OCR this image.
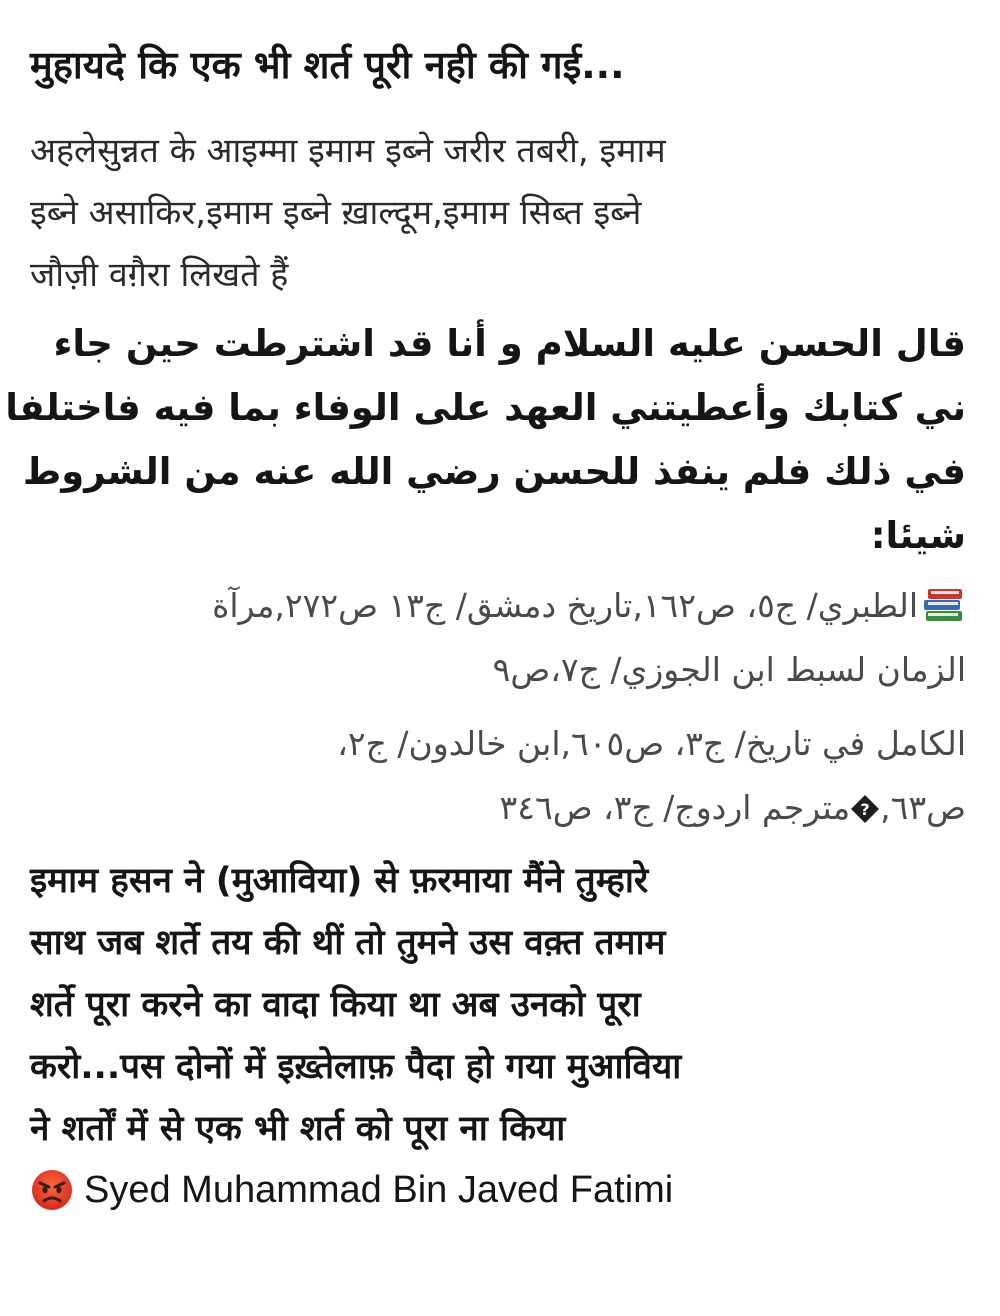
मुहायदे कि एक भी शर्त पूरी नही की गई...
अहलेसुन्नत के आइम्मा इमाम इब्ने जरीर तबरी, इमाम
इब्ने असाकिर,इमाम इब्ने ख़ाल्दूम,इमाम सिब्त इब्ने
जौज़ी वग़ैरा लिखते हैं
قال الحسن عليه السلام و أنا قد اشترطت حين جاء
ني كتابك وأعطيتني العهد على الوفاء بما فيه فاختلفا
في ذلك فلم ينفذ للحسن رضي الله عنه من الشروط
شيئا:
الطبري/ ج٥، ص١٦٢,تاريخ دمشق/ ج١٣ ص٢٧٢,مرآة
الزمان لسبط ابن الجوزي/ ج٧،ص٩
الكامل في تاريخ/ ج٣، ص٦٠٥,ابن خالدون/ ج٢،
ص٦٣,
?
مترجم اردوج/ ج٣، ص٣٤٦
इमाम हसन ने (मुआविया) से फ़रमाया मैंने तुम्हारे
साथ जब शर्ते तय की थीं तो तुमने उस वक़्त तमाम
शर्ते पूरा करने का वादा किया था अब उनको पूरा
करो...पस दोनों में इख़्तेलाफ़ पैदा हो गया मुआविया
ने शर्तों में से एक भी शर्त को पूरा ना किया
Syed Muhammad Bin Javed Fatimi
